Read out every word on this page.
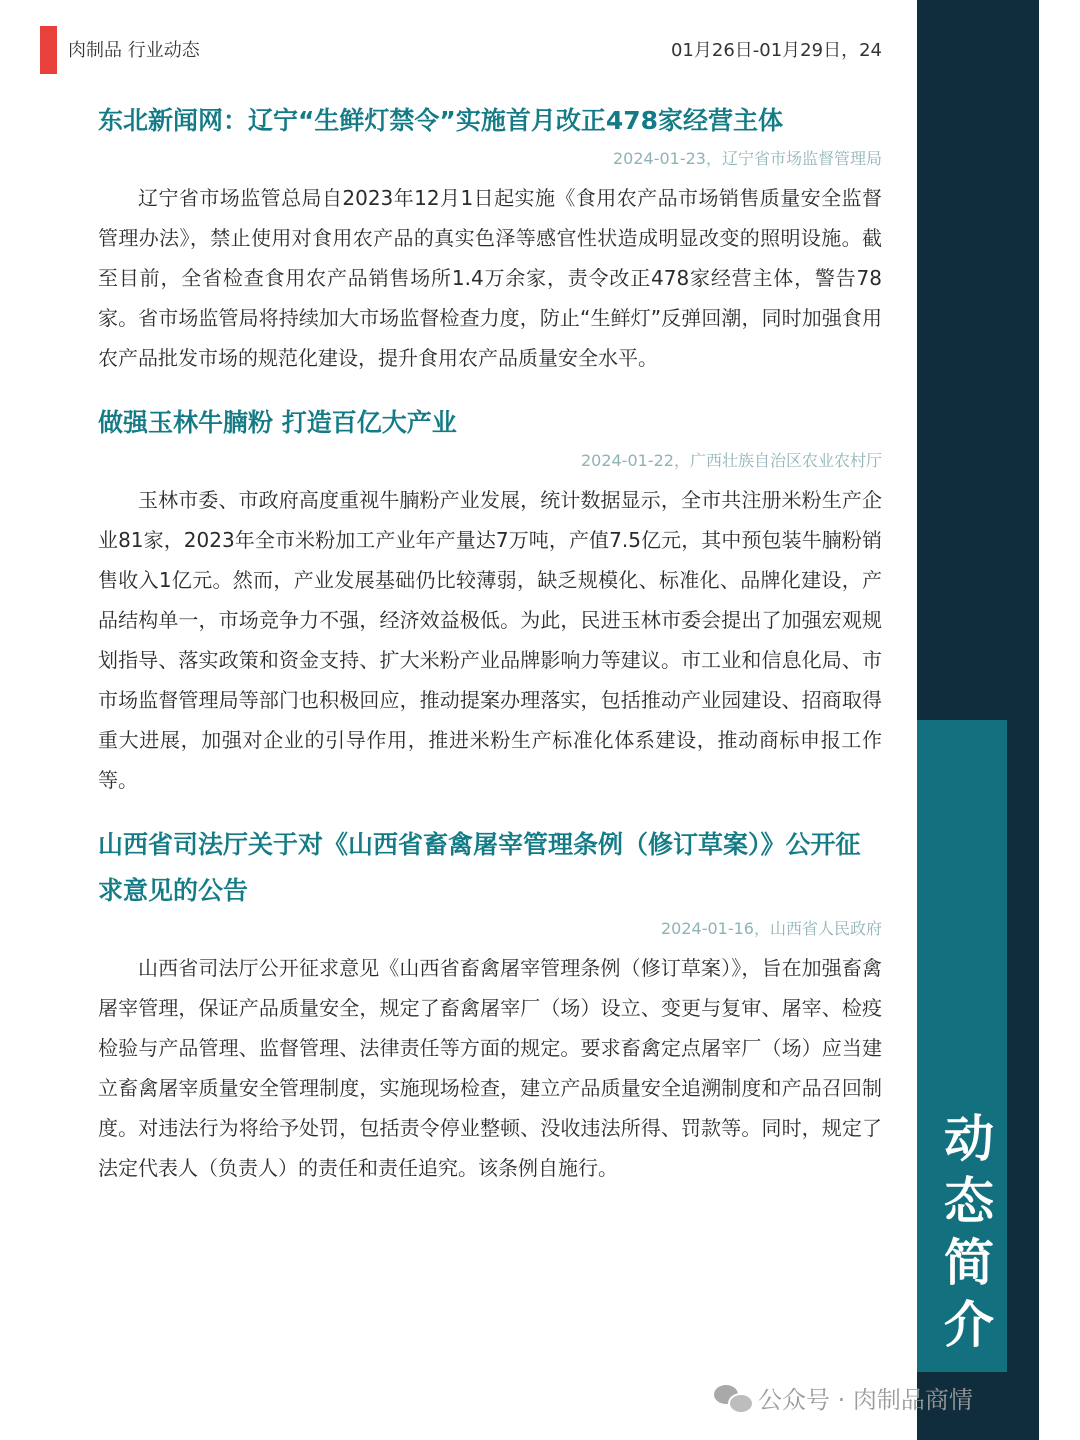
肉制品 行业动态	01月26日-01月29日，24
动
态
简
介
东北新闻网：辽宁“生鲜灯禁令”实施首月改正478家经营主体

2024-01-23，辽宁省市场监督管理局

辽宁省市场监管总局自2023年12月1日起实施《食用农产品市场销售质量安全监督管理办法》，禁止使用对食用农产品的真实色泽等感官性状造成明显改变的照明设施。截至目前，全省检查食用农产品销售场所1.4万余家，责令改正478家经营主体，警告78家。省市场监管局将持续加大市场监督检查力度，防止“生鲜灯”反弹回潮，同时加强食用农产品批发市场的规范化建设，提升食用农产品质量安全水平。

做强玉林牛腩粉 打造百亿大产业

2024-01-22，广西壮族自治区农业农村厅

玉林市委、市政府高度重视牛腩粉产业发展，统计数据显示，全市共注册米粉生产企业81家，2023年全市米粉加工产业年产量达7万吨，产值7.5亿元，其中预包装牛腩粉销售收入1亿元。然而，产业发展基础仍比较薄弱，缺乏规模化、标准化、品牌化建设，产品结构单一，市场竞争力不强，经济效益极低。为此，民进玉林市委会提出了加强宏观规划指导、落实政策和资金支持、扩大米粉产业品牌影响力等建议。市工业和信息化局、市市场监督管理局等部门也积极回应，推动提案办理落实，包括推动产业园建设、招商取得重大进展，加强对企业的引导作用，推进米粉生产标准化体系建设，推动商标申报工作等。

山西省司法厅关于对《山西省畜禽屠宰管理条例（修订草案）》公开征求意见的公告

2024-01-16，山西省人民政府

山西省司法厅公开征求意见《山西省畜禽屠宰管理条例（修订草案）》，旨在加强畜禽屠宰管理，保证产品质量安全，规定了畜禽屠宰厂（场）设立、变更与复审、屠宰、检疫检验与产品管理、监督管理、法律责任等方面的规定。要求畜禽定点屠宰厂（场）应当建立畜禽屠宰质量安全管理制度，实施现场检查，建立产品质量安全追溯制度和产品召回制度。对违法行为将给予处罚，包括责令停业整顿、没收违法所得、罚款等。同时，规定了法定代表人（负责人）的责任和责任追究。该条例自施行。

公众号 · 肉制品商情
